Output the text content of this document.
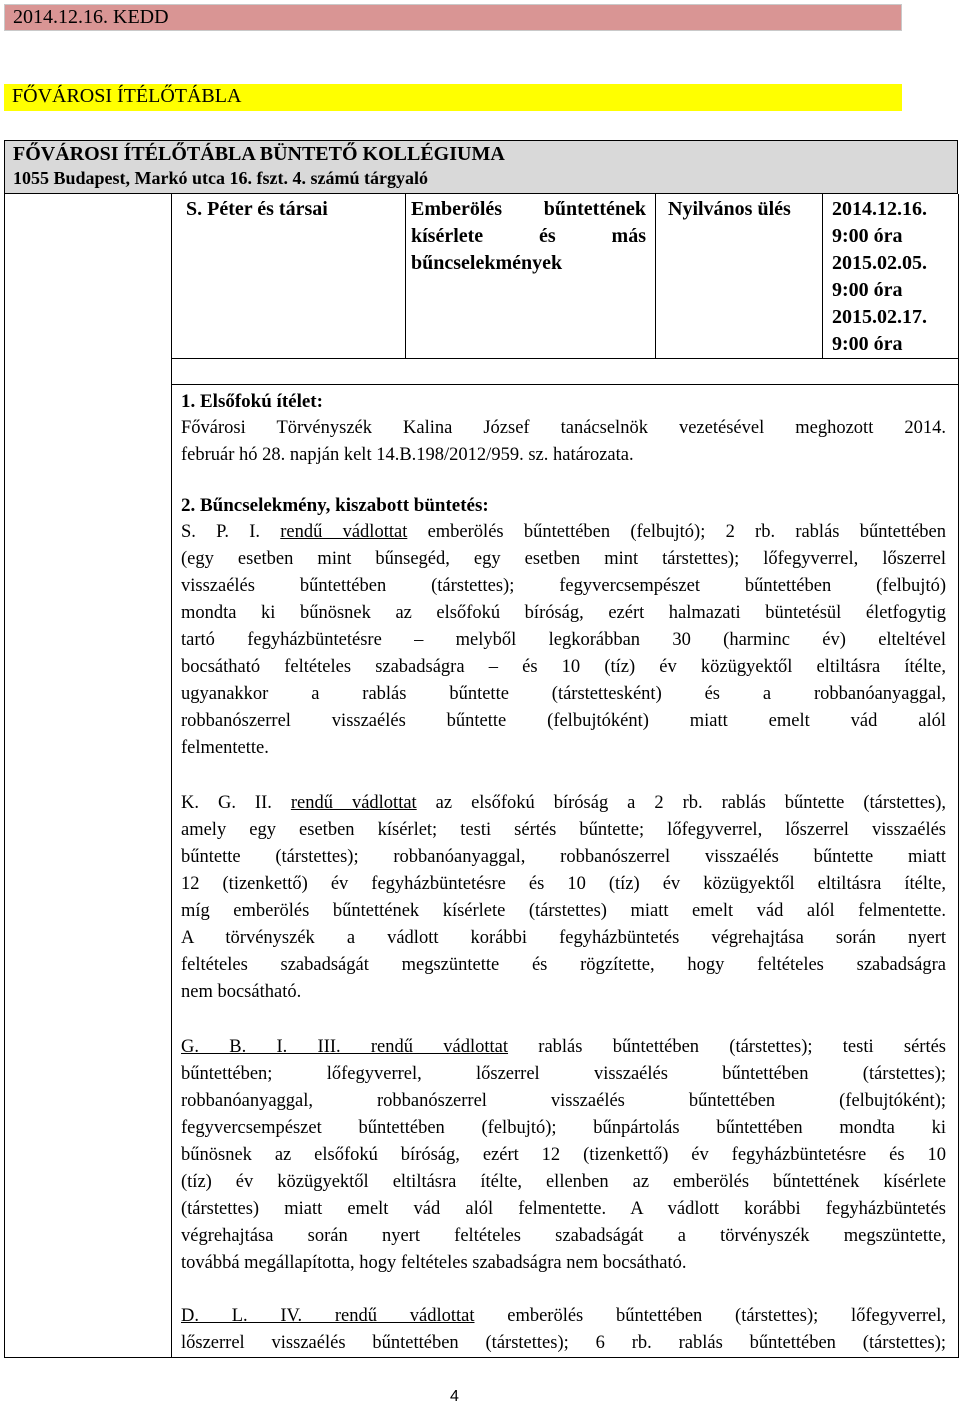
2014.12.16. KEDD
FŐVÁROSI ÍTÉLŐTÁBLA
FŐVÁROSI ÍTÉLŐTÁBLA BÜNTETŐ KOLLÉGIUMA
1055 Budapest, Markó utca 16. fszt. 4. számú tárgyaló
S. Péter és társai	Emberölés bűntettének
kísérlete és más
bűncselekmények
Nyilvános ülés 2014.12.16.
9:00 óra
2015.02.05.
9:00 óra
2015.02.17.
9:00 óra
1. Elsőfokú ítélet:
Fővárosi Törvényszék Kalina József tanácselnök vezetésével meghozott 2014.
február hó 28. napján kelt 14.B.198/2012/959. sz. határozata.
2. Bűncselekmény, kiszabott büntetés:
S. P. I. rendű vádlottat emberölés bűntettében (felbujtó); 2 rb. rablás bűntettében
(egy esetben mint bűnsegéd, egy esetben mint társtettes); lőfegyverrel, lőszerrel
visszaélés bűntettében (társtettes); fegyvercsempészet bűntettében (felbujtó)
mondta ki bűnösnek az elsőfokú bíróság, ezért halmazati büntetésül életfogytig
tartó fegyházbüntetésre – melyből legkorábban 30 (harminc év) elteltével
bocsátható feltételes szabadságra – és 10 (tíz) év közügyektől eltiltásra ítélte,
ugyanakkor a rablás bűntette (társtettesként) és a robbanóanyaggal,
robbanószerrel visszaélés bűntette (felbujtóként) miatt emelt vád alól
felmentette.
K. G. II. rendű vádlottat az elsőfokú bíróság a 2 rb. rablás bűntette (társtettes),
amely egy esetben kísérlet; testi sértés bűntette; lőfegyverrel, lőszerrel visszaélés
bűntette (társtettes); robbanóanyaggal, robbanószerrel visszaélés bűntette miatt
12 (tizenkettő) év fegyházbüntetésre és 10 (tíz) év közügyektől eltiltásra ítélte,
míg emberölés bűntettének kísérlete (társtettes) miatt emelt vád alól felmentette.
A törvényszék a vádlott korábbi fegyházbüntetés végrehajtása során nyert
feltételes szabadságát megszüntette és rögzítette, hogy feltételes szabadságra
nem bocsátható.
G. B. I. III. rendű vádlottat rablás bűntettében (társtettes); testi sértés
bűntettében; lőfegyverrel, lőszerrel visszaélés bűntettében (társtettes);
robbanóanyaggal, robbanószerrel visszaélés bűntettében (felbujtóként);
fegyvercsempészet bűntettében (felbujtó); bűnpártolás bűntettében mondta ki
bűnösnek az elsőfokú bíróság, ezért 12 (tizenkettő) év fegyházbüntetésre és 10
(tíz) év közügyektől eltiltásra ítélte, ellenben az emberölés bűntettének kísérlete
(társtettes) miatt emelt vád alól felmentette. A vádlott korábbi fegyházbüntetés
végrehajtása során nyert feltételes szabadságát a törvényszék megszüntette,
továbbá megállapította, hogy feltételes szabadságra nem bocsátható.
D. L. IV. rendű vádlottat emberölés bűntettében (társtettes); lőfegyverrel,
lőszerrel visszaélés bűntettében (társtettes); 6 rb. rablás bűntettében (társtettes);
4
